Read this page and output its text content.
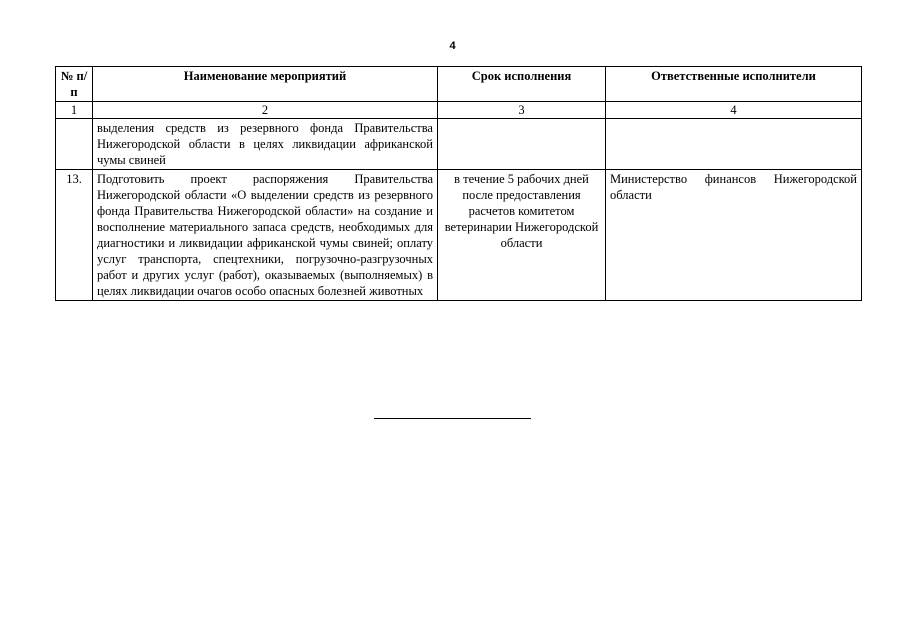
4
№ п/п	Наименование мероприятий	Срок исполнения	Ответственные исполнители
1	2	3	4
	выделения средств из резервного фонда Правительства Нижегородской области в целях ликвидации африканской чумы свиней		
13.	Подготовить проект распоряжения Правительства Нижегородской области «О выделении средств из резервного фонда Правительства Нижегородской области» на создание и восполнение материального запаса средств, необходимых для диагностики и ликвидации африканской чумы свиней; оплату услуг транспорта, спецтехники, погрузочно-разгрузочных работ и других услуг (работ), оказываемых (выполняемых) в целях ликвидации очагов особо опасных болезней животных	в течение 5 рабочих дней после предоставления расчетов комитетом ветеринарии Нижегородской области	Министерство финансов Нижегородской области
